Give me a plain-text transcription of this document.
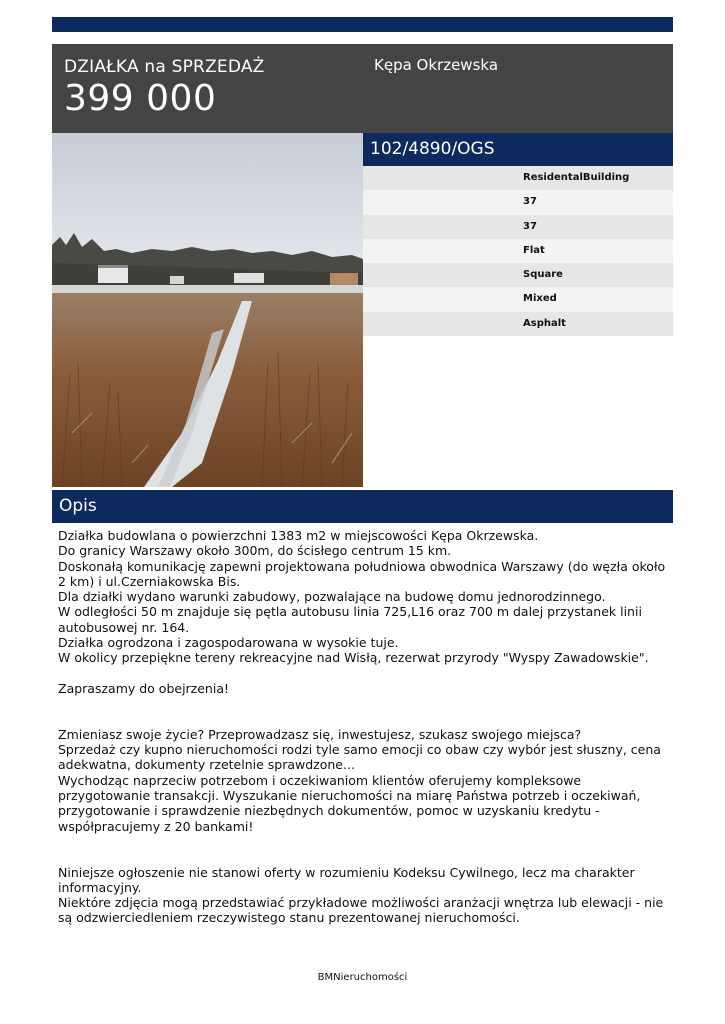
DZIAŁKA na SPRZEDAŻ
399 000
Kępa Okrzewska
102/4890/OGS
ResidentalBuilding
37
37
Flat
Square
Mixed
Asphalt
Opis
Działka budowlana o powierzchni 1383 m2 w miejscowości Kępa Okrzewska.
Do granicy Warszawy około 300m, do ścisłego centrum 15 km.
Doskonałą komunikację zapewni projektowana południowa obwodnica Warszawy (do węzła około 2 km) i ul.Czerniakowska Bis.
Dla działki wydano warunki zabudowy, pozwalające na budowę domu jednorodzinnego.
W odległości 50 m znajduje się pętla autobusu linia 725,L16 oraz 700 m dalej przystanek linii autobusowej nr. 164.
Działka ogrodzona i zagospodarowana w wysokie tuje.
W okolicy przepiękne tereny rekreacyjne nad Wisłą, rezerwat przyrody "Wyspy Zawadowskie".

Zapraszamy do obejrzenia!

Zmieniasz swoje życie? Przeprowadzasz się, inwestujesz, szukasz swojego miejsca?
Sprzedaż czy kupno nieruchomości rodzi tyle samo emocji co obaw czy wybór jest słuszny, cena adekwatna, dokumenty rzetelnie sprawdzone...
Wychodząc naprzeciw potrzebom i oczekiwaniom klientów oferujemy kompleksowe przygotowanie transakcji. Wyszukanie nieruchomości na miarę Państwa potrzeb i oczekiwań, przygotowanie i sprawdzenie niezbędnych dokumentów, pomoc w uzyskaniu kredytu - współpracujemy z 20 bankami!

Niniejsze ogłoszenie nie stanowi oferty w rozumieniu Kodeksu Cywilnego, lecz ma charakter informacyjny.
Niektóre zdjęcia mogą przedstawiać przykładowe możliwości aranżacji wnętrza lub elewacji - nie są odzwierciedleniem rzeczywistego stanu prezentowanej nieruchomości.
BMNieruchomości
